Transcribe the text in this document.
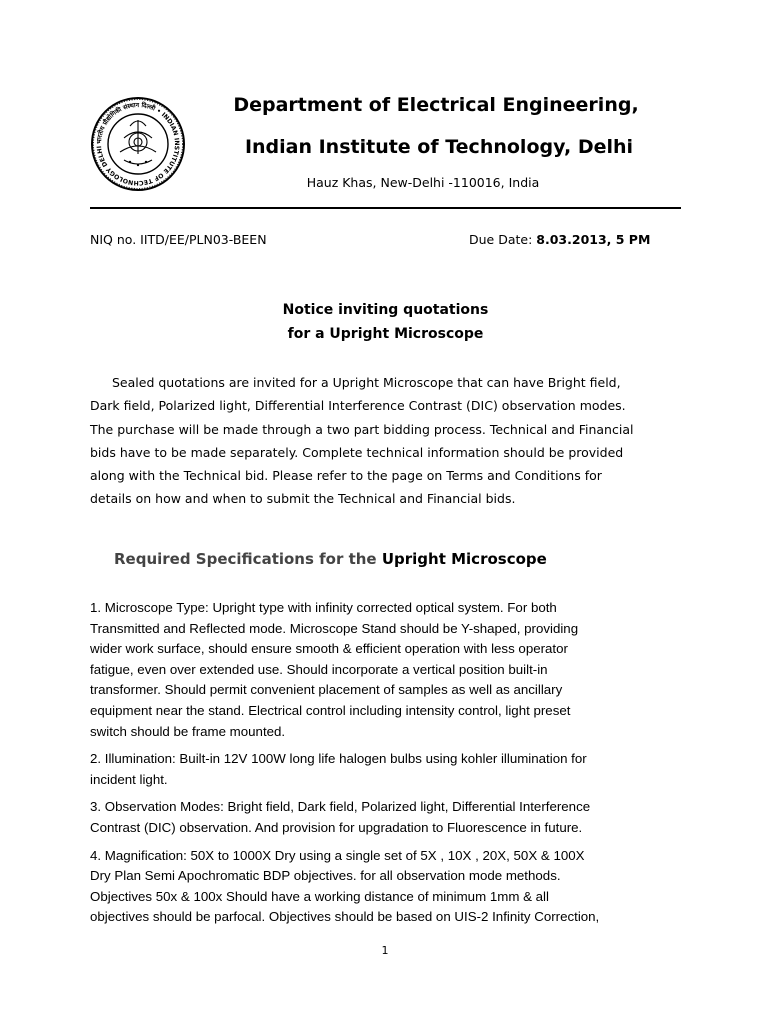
भारतीय प्रौद्योगिकी संस्थान दिल्ली • INDIAN INSTITUTE OF TECHNOLOGY DELHI
Department of Electrical Engineering,
Indian Institute of Technology, Delhi
Hauz Khas, New-Delhi -110016, India
NIQ no. IITD/EE/PLN03-BEEN	Due Date: 8.03.2013, 5 PM
Notice inviting quotations
for a Upright Microscope
Sealed quotations are invited for a Upright Microscope that can have Bright field,
Dark field, Polarized light, Differential Interference Contrast (DIC) observation modes.
The purchase will be made through a two part bidding process. Technical and Financial
bids have to be made separately. Complete technical information should be provided
along with the Technical bid. Please refer to the page on Terms and Conditions for
details on how and when to submit the Technical and Financial bids.
Required Specifications for the Upright Microscope
1. Microscope Type: Upright type with infinity corrected optical system. For both
Transmitted and Reflected mode. Microscope Stand should be Y-shaped, providing
wider work surface, should ensure smooth & efficient operation with less operator
fatigue, even over extended use. Should incorporate a vertical position built-in
transformer. Should permit convenient placement of samples as well as ancillary
equipment near the stand. Electrical control including intensity control, light preset
switch should be frame mounted.
2. Illumination: Built-in 12V 100W long life halogen bulbs using kohler illumination for
incident light.
3. Observation Modes: Bright field, Dark field, Polarized light, Differential Interference
Contrast (DIC) observation. And provision for upgradation to Fluorescence in future.
4. Magnification: 50X to 1000X Dry using a single set of 5X , 10X , 20X, 50X & 100X
Dry Plan Semi Apochromatic BDP objectives. for all observation mode methods.
Objectives 50x & 100x Should have a working distance of minimum 1mm & all
objectives should be parfocal. Objectives should be based on UIS-2 Infinity Correction,
1
